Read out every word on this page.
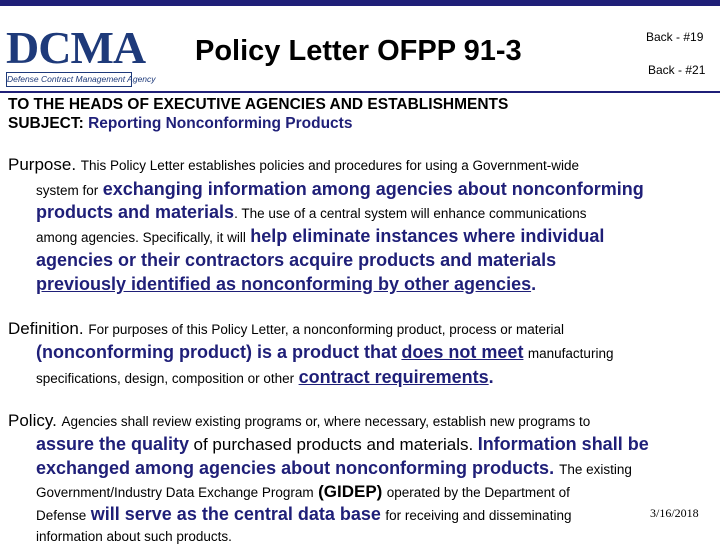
DCMA
Defense Contract Management Agency
Policy Letter OFPP 91-3	Back - #19
Back - #21
TO THE HEADS OF EXECUTIVE AGENCIES AND ESTABLISHMENTS
SUBJECT: Reporting Nonconforming Products
Purpose. This Policy Letter establishes policies and procedures for using a Government-wide
system for exchanging information among agencies about nonconforming
products and materials. The use of a central system will enhance communications
among agencies. Specifically, it will help eliminate instances where individual
agencies or their contractors acquire products and materials
previously identified as nonconforming by other agencies.
Definition. For purposes of this Policy Letter, a nonconforming product, process or material
(nonconforming product) is a product that does not meet manufacturing
specifications, design, composition or other contract requirements.
Policy. Agencies shall review existing programs or, where necessary, establish new programs to
assure the quality of purchased products and materials. Information shall be
exchanged among agencies about nonconforming products. The existing
Government/Industry Data Exchange Program (GIDEP) operated by the Department of
Defense will serve as the central data base for receiving and disseminating
information about such products.
3/16/2018
